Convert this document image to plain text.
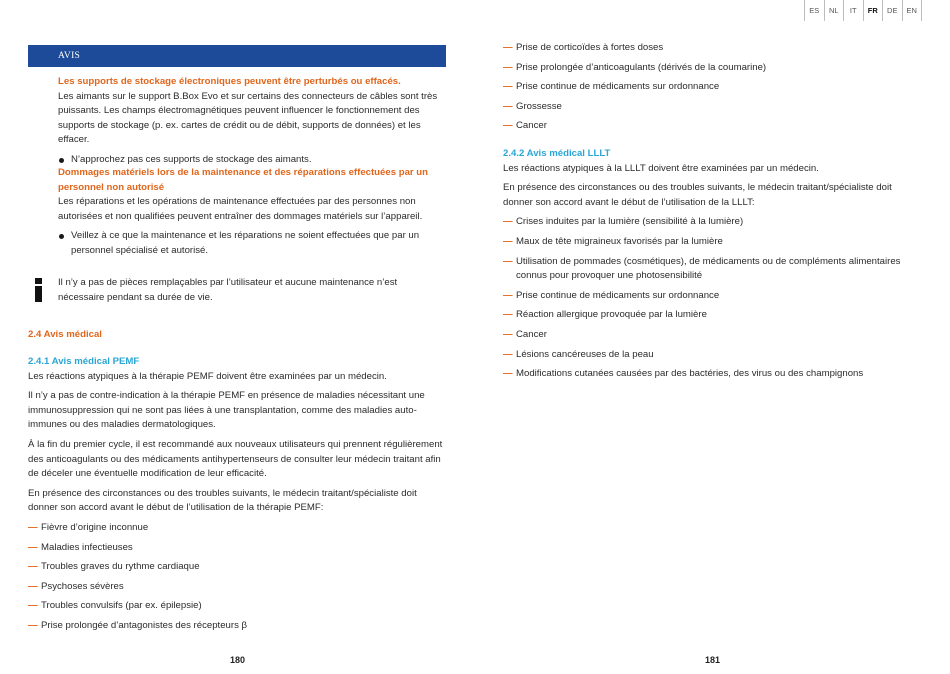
ES	NL	IT	FR	DE	EN
AVIS
Les supports de stockage électroniques peuvent être perturbés ou effacés.
Les aimants sur le support B.Box Evo et sur certains des connecteurs de câbles sont très puissants. Les champs électromagnétiques peuvent influencer le fonctionnement des supports de stockage (p. ex. cartes de crédit ou de débit, supports de données) et les effacer.
N’approchez pas ces supports de stockage des aimants.
Dommages matériels lors de la maintenance et des réparations effectuées par un personnel non autorisé
Les réparations et les opérations de maintenance effectuées par des personnes non autorisées et non qualifiées peuvent entraîner des dommages matériels sur l’appareil.
Veillez à ce que la maintenance et les réparations ne soient effectuées que par un personnel spécialisé et autorisé.
Il n’y a pas de pièces remplaçables par l’utilisateur et aucune maintenance n’est nécessaire pendant sa durée de vie.
2.4 Avis médical
2.4.1 Avis médical PEMF
Les réactions atypiques à la thérapie PEMF doivent être examinées par un médecin.
Il n’y a pas de contre-indication à la thérapie PEMF en présence de maladies nécessitant une immunosuppression qui ne sont pas liées à une transplantation, comme des maladies auto-immunes ou des maladies dermatologiques.
À la fin du premier cycle, il est recommandé aux nouveaux utilisateurs qui prennent régulièrement des anticoagulants ou des médicaments antihypertenseurs de consulter leur médecin traitant afin de déceler une éventuelle modification de leur efficacité.
En présence des circonstances ou des troubles suivants, le médecin traitant/spécialiste doit donner son accord avant le début de l’utilisation de la thérapie PEMF:
— Fièvre d’origine inconnue
— Maladies infectieuses
— Troubles graves du rythme cardiaque
— Psychoses sévères
— Troubles convulsifs (par ex. épilepsie)
— Prise prolongée d’antagonistes des récepteurs β
180
— Prise de corticoïdes à fortes doses
— Prise prolongée d’anticoagulants (dérivés de la coumarine)
— Prise continue de médicaments sur ordonnance
— Grossesse
— Cancer
2.4.2 Avis médical LLLT
Les réactions atypiques à la LLLT doivent être examinées par un médecin.
En présence des circonstances ou des troubles suivants, le médecin traitant/spécialiste doit donner son accord avant le début de l’utilisation de la LLLT:
— Crises induites par la lumière (sensibilité à la lumière)
— Maux de tête migraineux favorisés par la lumière
— Utilisation de pommades (cosmétiques), de médicaments ou de compléments alimentaires connus pour provoquer une photosensibilité
— Prise continue de médicaments sur ordonnance
— Réaction allergique provoquée par la lumière
— Cancer
— Lésions cancéreuses de la peau
— Modifications cutanées causées par des bactéries, des virus ou des champignons
181
